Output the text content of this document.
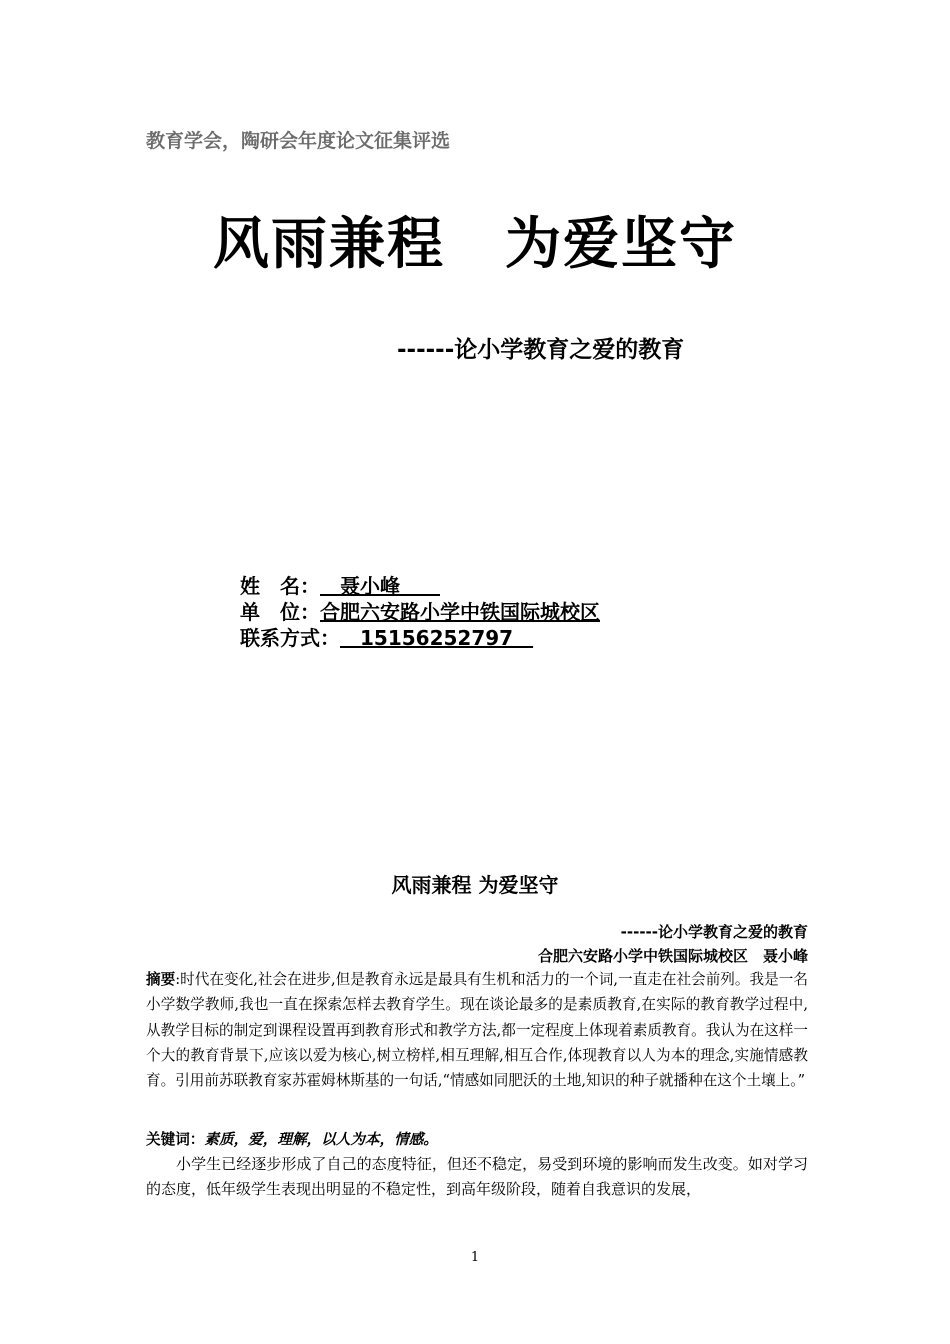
教育学会，陶研会年度论文征集评选
风雨兼程 为爱坚守
------论小学教育之爱的教育
姓　名：　聂小峰　　
单　位：合肥六安路小学中铁国际城校区
联系方式：　15156252797　
风雨兼程 为爱坚守
------论小学教育之爱的教育
合肥六安路小学中铁国际城校区　聂小峰
摘要:时代在变化,社会在进步,但是教育永远是最具有生机和活力的一个词,一直走在社会前列。我是一名小学数学教师,我也一直在探索怎样去教育学生。现在谈论最多的是素质教育,在实际的教育教学过程中,从教学目标的制定到课程设置再到教育形式和教学方法,都一定程度上体现着素质教育。我认为在这样一个大的教育背景下,应该以爱为核心,树立榜样,相互理解,相互合作,体现教育以人为本的理念,实施情感教育。引用前苏联教育家苏霍姆林斯基的一句话,“情感如同肥沃的土地,知识的种子就播种在这个土壤上。”
关键词：素质，爱，理解，以人为本，情感。
小学生已经逐步形成了自己的态度特征，但还不稳定，易受到环境的影响而发生改变。如对学习的态度，低年级学生表现出明显的不稳定性，到高年级阶段，随着自我意识的发展，
1
